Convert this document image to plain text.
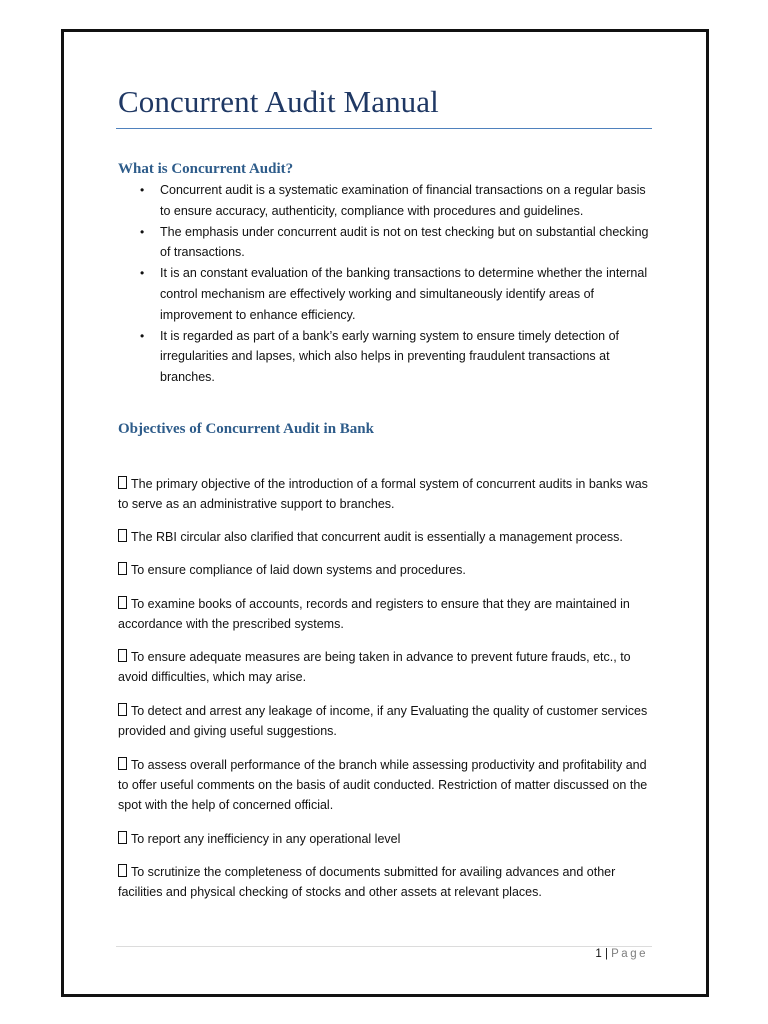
Concurrent Audit Manual
What is Concurrent Audit?
• Concurrent audit is a systematic examination of financial transactions on a regular basis to ensure accuracy, authenticity, compliance with procedures and guidelines.
• The emphasis under concurrent audit is not on test checking but on substantial checking of transactions.
• It is an constant evaluation of the banking transactions to determine whether the internal control mechanism are effectively working and simultaneously identify areas of improvement to enhance efficiency.
• It is regarded as part of a bank’s early warning system to ensure timely detection of irregularities and lapses, which also helps in preventing fraudulent transactions at branches.
Objectives of Concurrent Audit in Bank

The primary objective of the introduction of a formal system of concurrent audits in banks was to serve as an administrative support to branches.

The RBI circular also clarified that concurrent audit is essentially a management process.

To ensure compliance of laid down systems and procedures.

To examine books of accounts, records and registers to ensure that they are maintained in accordance with the prescribed systems.

To ensure adequate measures are being taken in advance to prevent future frauds, etc., to avoid difficulties, which may arise.

To detect and arrest any leakage of income, if any Evaluating the quality of customer services provided and giving useful suggestions.

To assess overall performance of the branch while assessing productivity and profitability and to offer useful comments on the basis of audit conducted. Restriction of matter discussed on the spot with the help of concerned official.

To report any inefficiency in any operational level

To scrutinize the completeness of documents submitted for availing advances and other facilities and physical checking of stocks and other assets at relevant places.

1 | Page
